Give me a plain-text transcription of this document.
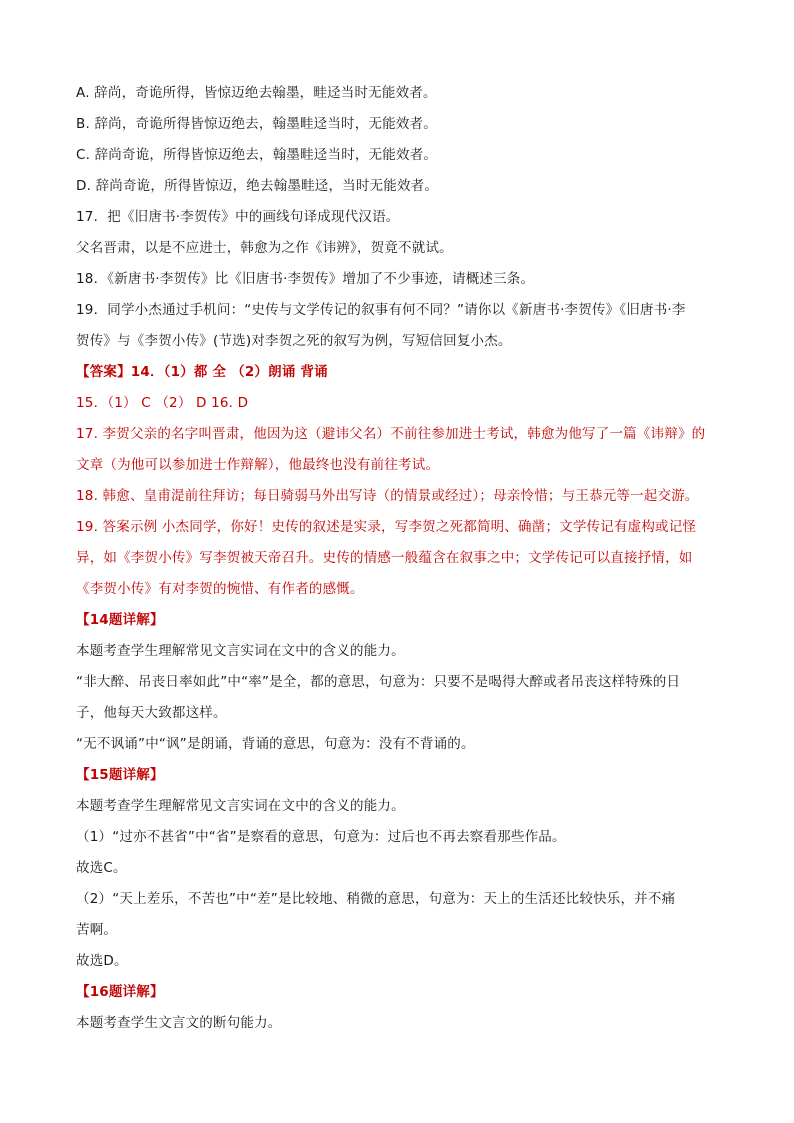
A. 辞尚，奇诡所得，皆惊迈绝去翰墨，畦迳当时无能效者。
B. 辞尚，奇诡所得皆惊迈绝去，翰墨畦迳当时，无能效者。
C. 辞尚奇诡，所得皆惊迈绝去，翰墨畦迳当时，无能效者。
D. 辞尚奇诡，所得皆惊迈，绝去翰墨畦迳，当时无能效者。
17．把《旧唐书·李贺传》中的画线句译成现代汉语。
父名晋肃，以是不应进士，韩愈为之作《讳辨》，贺竟不就试。
18．《新唐书·李贺传》比《旧唐书·李贺传》增加了不少事迹，请概述三条。
19．同学小杰通过手机问：“史传与文学传记的叙事有何不同？”请你以《新唐书·李贺传》《旧唐书·李
贺传》与《李贺小传》(节选)对李贺之死的叙写为例，写短信回复小杰。
【答案】14．（1）都 全 （2）朗诵 背诵
15．（1） C （2） D 16. D
17. 李贺父亲的名字叫晋肃，他因为这（避讳父名）不前往参加进士考试，韩愈为他写了一篇《讳辩》的
文章（为他可以参加进士作辩解），他最终也没有前往考试。
18. 韩愈、皇甫湜前往拜访；每日骑弱马外出写诗（的情景或经过）；母亲怜惜；与王恭元等一起交游。
19. 答案示例 小杰同学，你好！史传的叙述是实录，写李贺之死都简明、确凿；文学传记有虚构或记怪
异，如《李贺小传》写李贺被天帝召升。史传的情感一般蕴含在叙事之中；文学传记可以直接抒情，如
《李贺小传》有对李贺的惋惜、有作者的感慨。
【14题详解】
本题考查学生理解常见文言实词在文中的含义的能力。
“非大醉、吊丧日率如此”中“率”是全，都的意思，句意为：只要不是喝得大醉或者吊丧这样特殊的日
子，他每天大致都这样。
“无不讽诵”中“讽”是朗诵，背诵的意思，句意为：没有不背诵的。
【15题详解】
本题考查学生理解常见文言实词在文中的含义的能力。
（1）“过亦不甚省”中“省”是察看的意思，句意为：过后也不再去察看那些作品。
故选C。
（2）“天上差乐，不苦也”中“差”是比较地、稍微的意思，句意为：天上的生活还比较快乐，并不痛
苦啊。
故选D。
【16题详解】
本题考查学生文言文的断句能力。
